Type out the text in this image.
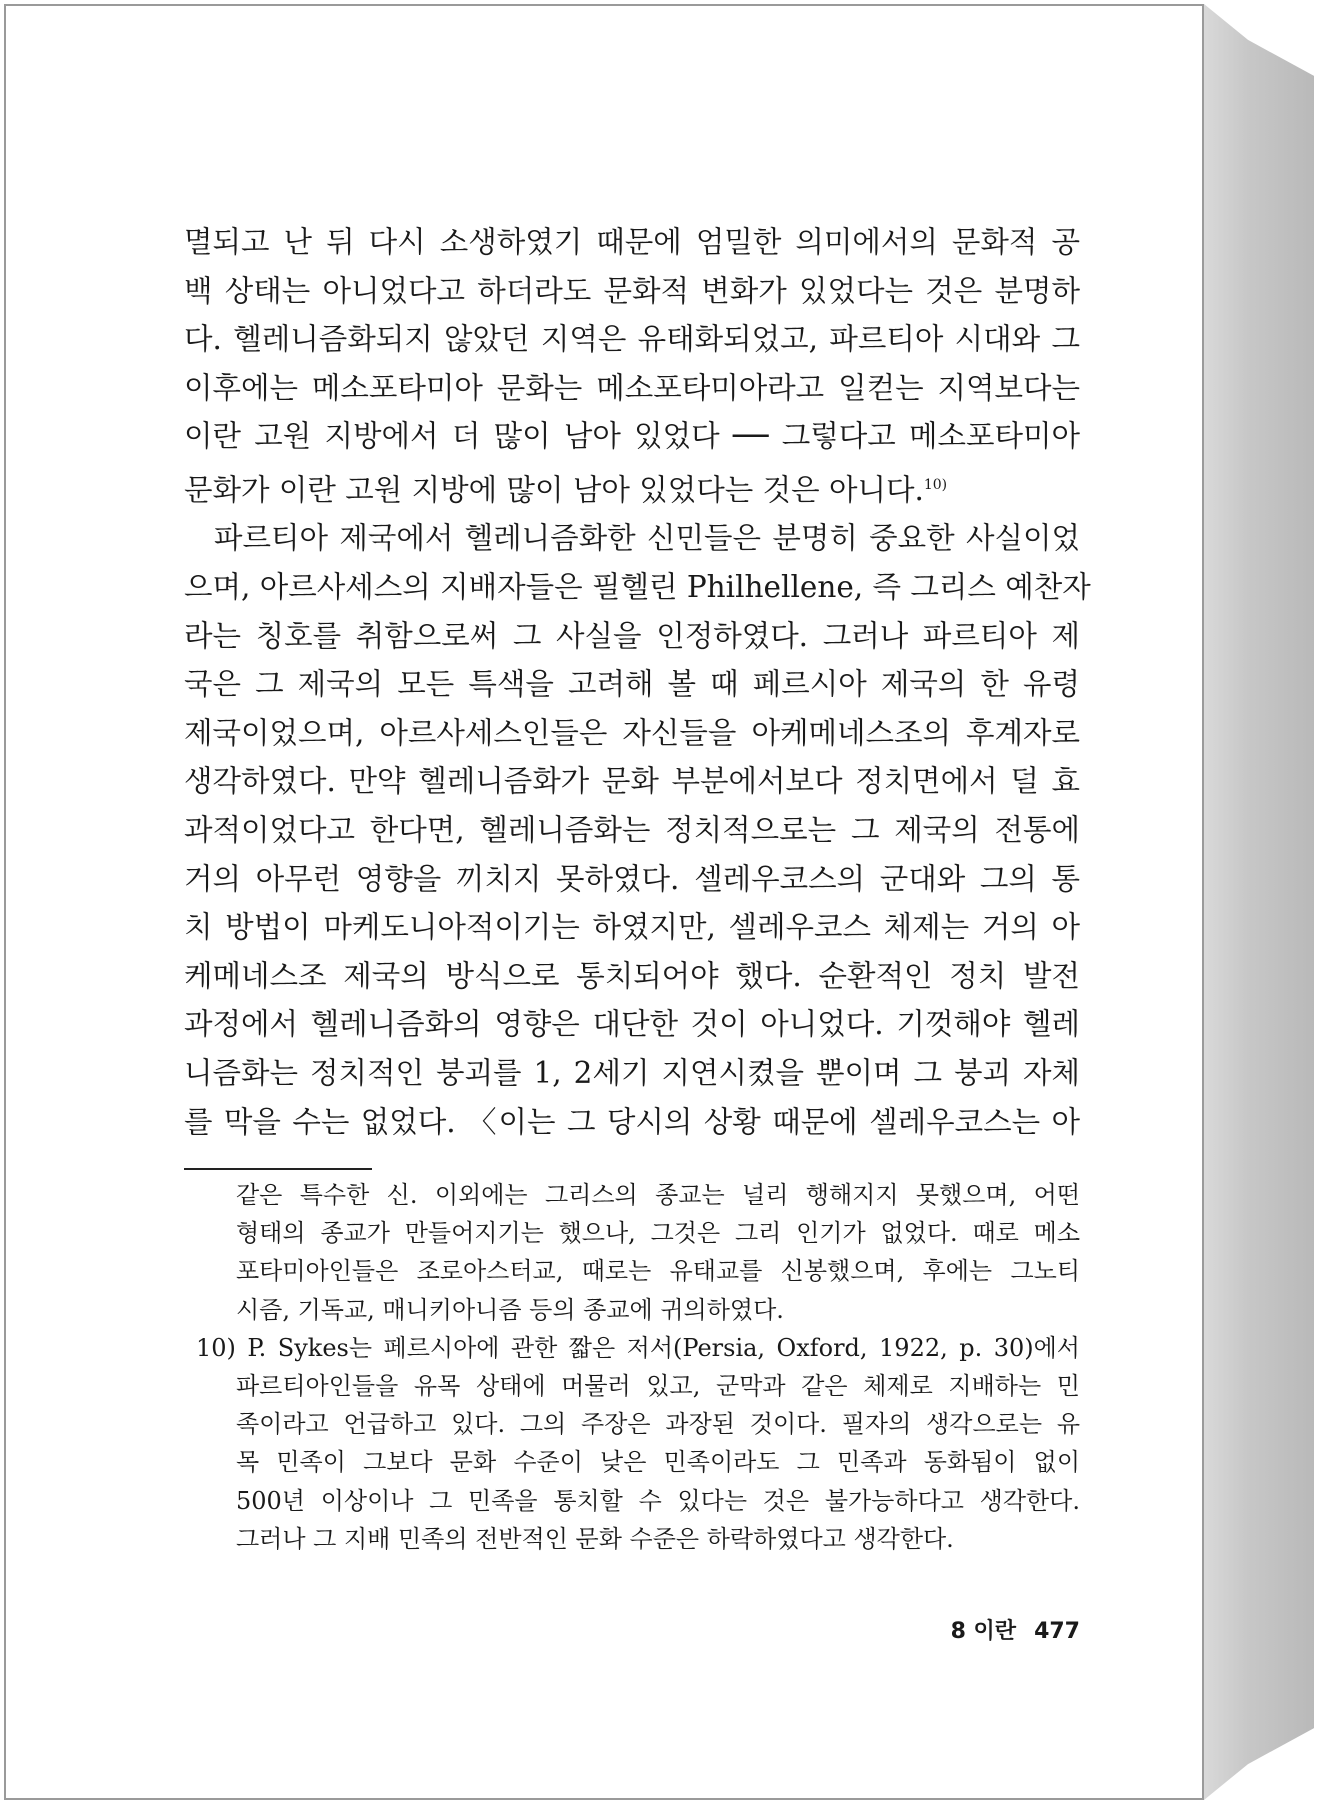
멸되고 난 뒤 다시 소생하였기 때문에 엄밀한 의미에서의 문화적 공
백 상태는 아니었다고 하더라도 문화적 변화가 있었다는 것은 분명하
다. 헬레니즘화되지 않았던 지역은 유태화되었고, 파르티아 시대와 그
이후에는 메소포타미아 문화는 메소포타미아라고 일컫는 지역보다는
이란 고원 지방에서 더 많이 남아 있었다 ── 그렇다고 메소포타미아
문화가 이란 고원 지방에 많이 남아 있었다는 것은 아니다.$^{10)}$
파르티아 제국에서 헬레니즘화한 신민들은 분명히 중요한 사실이었
으며, 아르사세스의 지배자들은 필헬린 Philhellene, 즉 그리스 예찬자
라는 칭호를 취함으로써 그 사실을 인정하였다. 그러나 파르티아 제
국은 그 제국의 모든 특색을 고려해 볼 때 페르시아 제국의 한 유령
제국이었으며, 아르사세스인들은 자신들을 아케메네스조의 후계자로
생각하였다. 만약 헬레니즘화가 문화 부분에서보다 정치면에서 덜 효
과적이었다고 한다면, 헬레니즘화는 정치적으로는 그 제국의 전통에
거의 아무런 영향을 끼치지 못하였다. 셀레우코스의 군대와 그의 통
치 방법이 마케도니아적이기는 하였지만, 셀레우코스 체제는 거의 아
케메네스조 제국의 방식으로 통치되어야 했다. 순환적인 정치 발전
과정에서 헬레니즘화의 영향은 대단한 것이 아니었다. 기껏해야 헬레
니즘화는 정치적인 붕괴를 1, 2세기 지연시켰을 뿐이며 그 붕괴 자체
를 막을 수는 없었다. 〈이는 그 당시의 상황 때문에 셀레우코스는 아
같은 특수한 신. 이외에는 그리스의 종교는 널리 행해지지 못했으며, 어떤
형태의 종교가 만들어지기는 했으나, 그것은 그리 인기가 없었다. 때로 메소
포타미아인들은 조로아스터교, 때로는 유태교를 신봉했으며, 후에는 그노티
시즘, 기독교, 매니키아니즘 등의 종교에 귀의하였다.
10) P. Sykes는 페르시아에 관한 짧은 저서(Persia, Oxford, 1922, p. 30)에서
파르티아인들을 유목 상태에 머물러 있고, 군막과 같은 체제로 지배하는 민
족이라고 언급하고 있다. 그의 주장은 과장된 것이다. 필자의 생각으로는 유
목 민족이 그보다 문화 수준이 낮은 민족이라도 그 민족과 동화됨이 없이
500년 이상이나 그 민족을 통치할 수 있다는 것은 불가능하다고 생각한다.
그러나 그 지배 민족의 전반적인 문화 수준은 하락하였다고 생각한다.
8 이란 477
